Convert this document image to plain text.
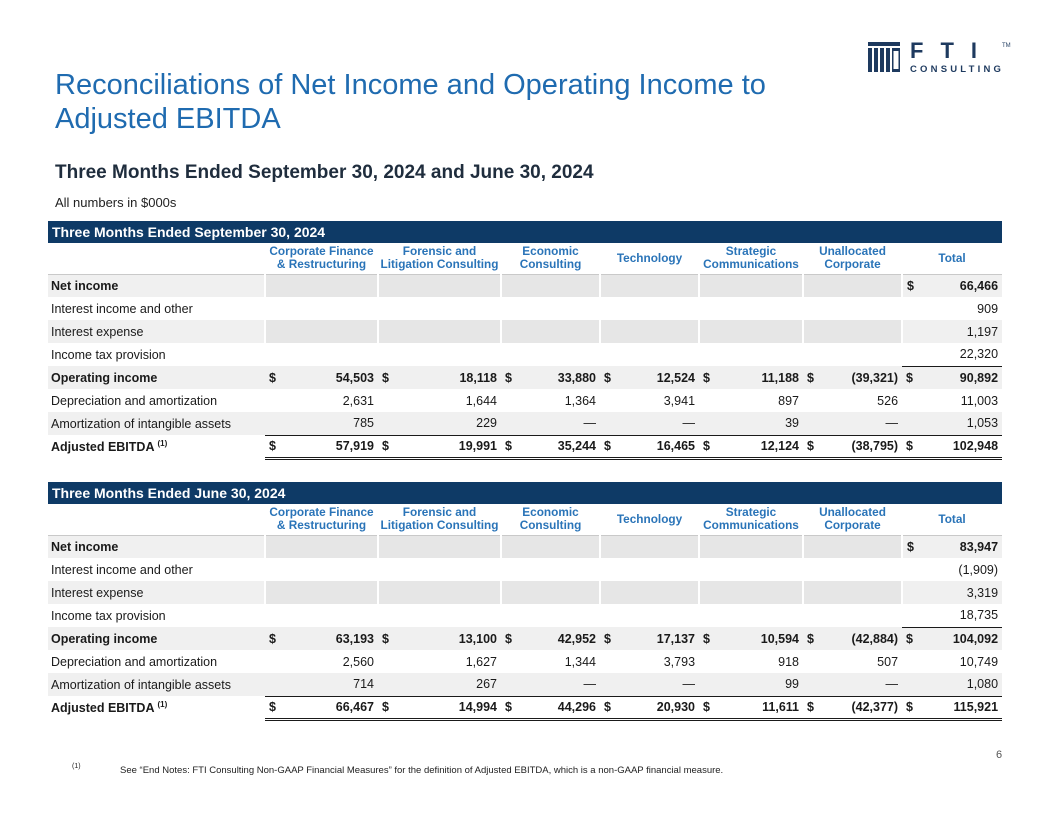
FTI TM
CONSULTING
Reconciliations of Net Income and Operating Income to Adjusted EBITDA
Three Months Ended September 30, 2024 and June 30, 2024
All numbers in $000s
Three Months Ended September 30, 2024
	Corporate Finance & Restructuring		Forensic and Litigation Consulting		Economic Consulting		Technology		Strategic Communications		Unallocated Corporate		Total	
Net income													$	66,466
Interest income and other														909
Interest expense														1,197
Income tax provision														22,320
Operating income	$	54,503	$	18,118	$	33,880	$	12,524	$	11,188	$	(39,321)	$	90,892
Depreciation and amortization		2,631		1,644		1,364		3,941		897		526		11,003
Amortization of intangible assets		785		229		—		—		39		—		1,053
Adjusted EBITDA $^{(1)}$	$	57,919	$	19,991	$	35,244	$	16,465	$	12,124	$	(38,795)	$	102,948
Three Months Ended June 30, 2024
	Corporate Finance & Restructuring		Forensic and Litigation Consulting		Economic Consulting		Technology		Strategic Communications		Unallocated Corporate		Total	
Net income													$	83,947
Interest income and other														(1,909)
Interest expense														3,319
Income tax provision														18,735
Operating income	$	63,193	$	13,100	$	42,952	$	17,137	$	10,594	$	(42,884)	$	104,092
Depreciation and amortization		2,560		1,627		1,344		3,793		918		507		10,749
Amortization of intangible assets		714		267		—		—		99		—		1,080
Adjusted EBITDA $^{(1)}$	$	66,467	$	14,994	$	44,296	$	20,930	$	11,611	$	(42,377)	$	115,921
6
(1)	See “End Notes: FTI Consulting Non-GAAP Financial Measures” for the definition of Adjusted EBITDA, which is a non-GAAP financial measure.
